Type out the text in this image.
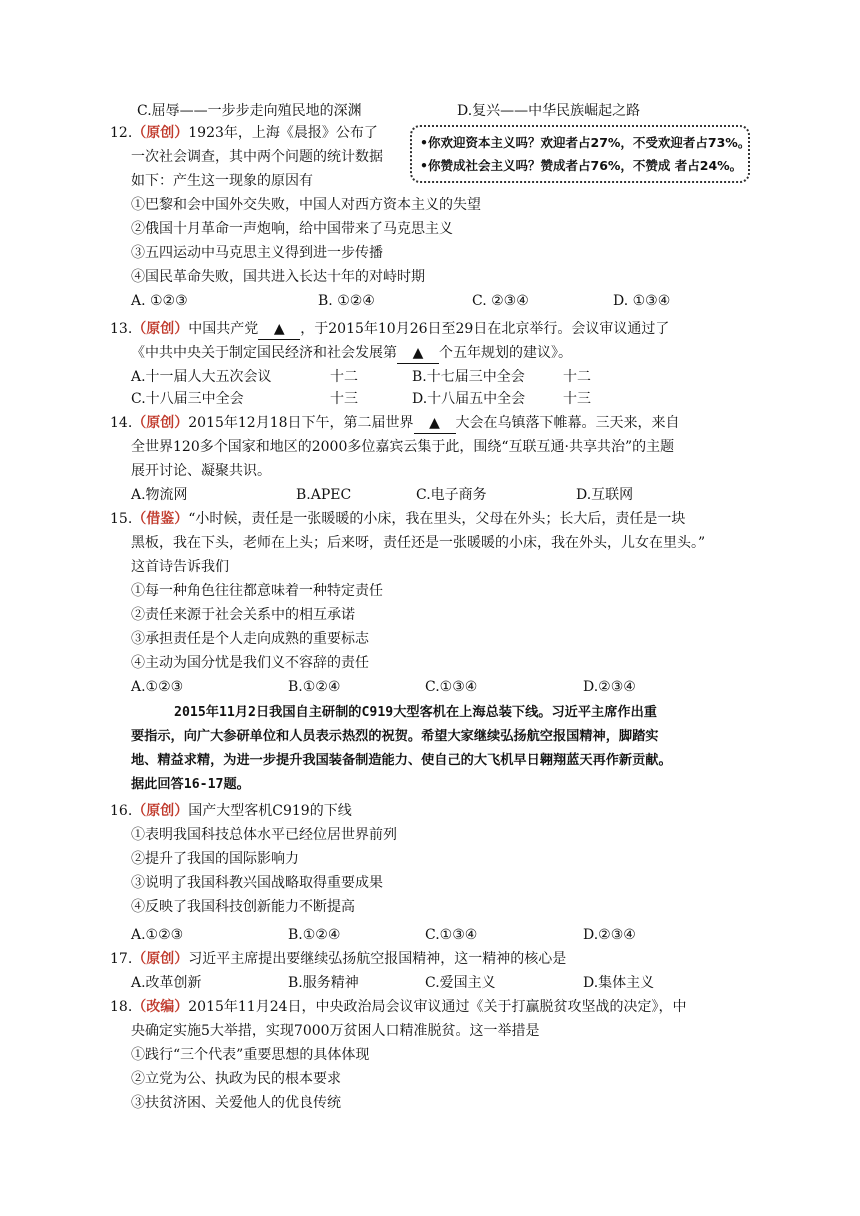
C.屈辱——一步步走向殖民地的深渊	D.复兴——中华民族崛起之路
12.（原创）1923年，上海《晨报》公布了
一次社会调查，其中两个问题的统计数据
如下：产生这一现象的原因有
•你欢迎资本主义吗？欢迎者占27%，不受欢迎者占73%。
•你赞成社会主义吗？赞成者占76%，不赞成 者占24%。
①巴黎和会中国外交失败，中国人对西方资本主义的失望
②俄国十月革命一声炮响，给中国带来了马克思主义
③五四运动中马克思主义得到进一步传播
④国民革命失败，国共进入长达十年的对峙时期
A. ①②③	B. ①②④	C. ②③④	D. ①③④
13.（原创）中国共产党 ▲ ，于2015年10月26日至29日在北京举行。会议审议通过了
《中共中央关于制定国民经济和社会发展第 ▲ 个五年规划的建议》。
A.十一届人大五次会议	十二	B.十七届三中全会	十二
C.十八届三中全会	十三	D.十八届五中全会	十三
14.（原创）2015年12月18日下午，第二届世界 ▲ 大会在乌镇落下帷幕。三天来，来自
全世界120多个国家和地区的2000多位嘉宾云集于此，围绕“互联互通·共享共治”的主题
展开讨论、凝聚共识。
A.物流网	B.APEC	C.电子商务	D.互联网
15.（借鉴）“小时候，责任是一张暖暖的小床，我在里头，父母在外头；长大后，责任是一块
黑板，我在下头，老师在上头；后来呀，责任还是一张暖暖的小床，我在外头，儿女在里头。”
这首诗告诉我们
①每一种角色往往都意味着一种特定责任
②责任来源于社会关系中的相互承诺
③承担责任是个人走向成熟的重要标志
④主动为国分忧是我们义不容辞的责任
A.①②③	B.①②④	C.①③④	D.②③④
2015年11月2日我国自主研制的C919大型客机在上海总装下线。习近平主席作出重
要指示，向广大参研单位和人员表示热烈的祝贺。希望大家继续弘扬航空报国精神，脚踏实
地、精益求精，为进一步提升我国装备制造能力、使自己的大飞机早日翱翔蓝天再作新贡献。
据此回答16-17题。
16.（原创）国产大型客机C919的下线
①表明我国科技总体水平已经位居世界前列
②提升了我国的国际影响力
③说明了我国科教兴国战略取得重要成果
④反映了我国科技创新能力不断提高
A.①②③	B.①②④	C.①③④	D.②③④
17.（原创）习近平主席提出要继续弘扬航空报国精神，这一精神的核心是
A.改革创新	B.服务精神	C.爱国主义	D.集体主义
18.（改编）2015年11月24日，中央政治局会议审议通过《关于打赢脱贫攻坚战的决定》，中
央确定实施5大举措，实现7000万贫困人口精准脱贫。这一举措是
①践行“三个代表”重要思想的具体体现
②立党为公、执政为民的根本要求
③扶贫济困、关爱他人的优良传统
